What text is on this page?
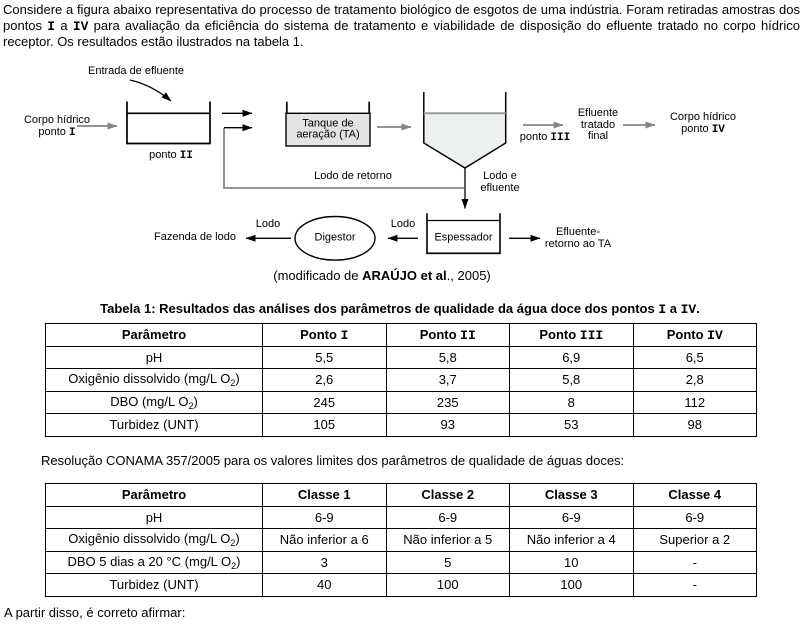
Considere a figura abaixo representativa do processo de tratamento biológico de esgotos de uma indústria. Foram retiradas amostras dos pontos I a IV para avaliação da eficiência do sistema de tratamento e viabilidade de disposição do efluente tratado no corpo hídrico receptor. Os resultados estão ilustrados na tabela 1.

Entrada de efluente
Corpo hídrico
ponto I
ponto II
Tanque de
aeração (TA)
Lodo de retorno
ponto III
Efluente
tratado
final
Corpo hídrico
ponto IV
Lodo e
efluente
Lodo	Lodo
Fazenda de lodo	Digestor	Espessador	Efluente-
retorno ao TA
(modificado de ARAÚJO et al., 2005)
Tabela 1: Resultados das análises dos parâmetros de qualidade da água doce dos pontos I a IV.
Parâmetro	Ponto I	Ponto II	Ponto III	Ponto IV
pH	5,5	5,8	6,9	6,5
Oxigênio dissolvido (mg/L $O_2$)	2,6	3,7	5,8	2,8
DBO (mg/L $O_2$)	245	235	8	112
Turbidez (UNT)	105	93	53	98
Resolução CONAMA 357/2005 para os valores limites dos parâmetros de qualidade de águas doces:
Parâmetro	Classe 1	Classe 2	Classe 3	Classe 4
pH	6-9	6-9	6-9	6-9
Oxigênio dissolvido (mg/L $O_2$)	Não inferior a 6	Não inferior a 5	Não inferior a 4	Superior a 2
DBO 5 dias a 20 °C (mg/L $O_2$)	3	5	10	-
Turbidez (UNT)	40	100	100	-
A partir disso, é correto afirmar:
